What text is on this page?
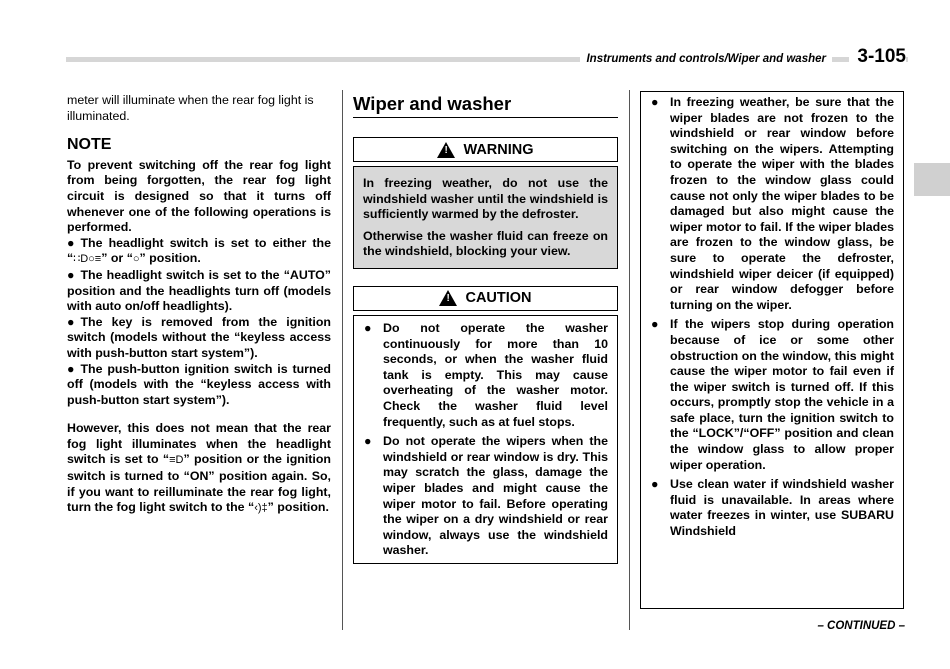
Instruments and controls/Wiper and washer	3-105

meter will illuminate when the rear fog light is illuminated.

NOTE

To prevent switching off the rear fog light from being forgotten, the rear fog light circuit is designed so that it turns off whenever one of the following operations is performed.

● The headlight switch is set to either the “∷D○≡” or “○” position.

● The headlight switch is set to the “AUTO” position and the headlights turn off (models with auto on/off headlights).

● The key is removed from the ignition switch (models without the “keyless access with push-button start system”).

● The push-button ignition switch is turned off (models with the “keyless access with push-button start system”).

However, this does not mean that the rear fog light illuminates when the headlight switch is set to “≡D” position or the ignition switch is turned to “ON” position again. So, if you want to reilluminate the rear fog light, turn the fog light switch to the “‹)‡” position.

Wiper and washer
! WARNING

In freezing weather, do not use the windshield washer until the windshield is sufficiently warmed by the defroster.

Otherwise the washer fluid can freeze on the windshield, blocking your view.

! CAUTION
● Do not operate the washer continuously for more than 10 seconds, or when the washer fluid tank is empty. This may cause overheating of the washer motor. Check the washer fluid level frequently, such as at fuel stops.
● Do not operate the wipers when the windshield or rear window is dry. This may scratch the glass, damage the wiper blades and might cause the wiper motor to fail. Before operating the wiper on a dry windshield or rear window, always use the windshield washer.
● In freezing weather, be sure that the wiper blades are not frozen to the windshield or rear window before switching on the wipers. Attempting to operate the wiper with the blades frozen to the window glass could cause not only the wiper blades to be damaged but also might cause the wiper motor to fail. If the wiper blades are frozen to the window glass, be sure to operate the defroster, windshield wiper deicer (if equipped) or rear window defogger before turning on the wiper.
● If the wipers stop during operation because of ice or some other obstruction on the window, this might cause the wiper motor to fail even if the wiper switch is turned off. If this occurs, promptly stop the vehicle in a safe place, turn the ignition switch to the “LOCK”/“OFF” position and clean the window glass to allow proper wiper operation.
● Use clean water if windshield washer fluid is unavailable. In areas where water freezes in winter, use SUBARU Windshield
– CONTINUED –
